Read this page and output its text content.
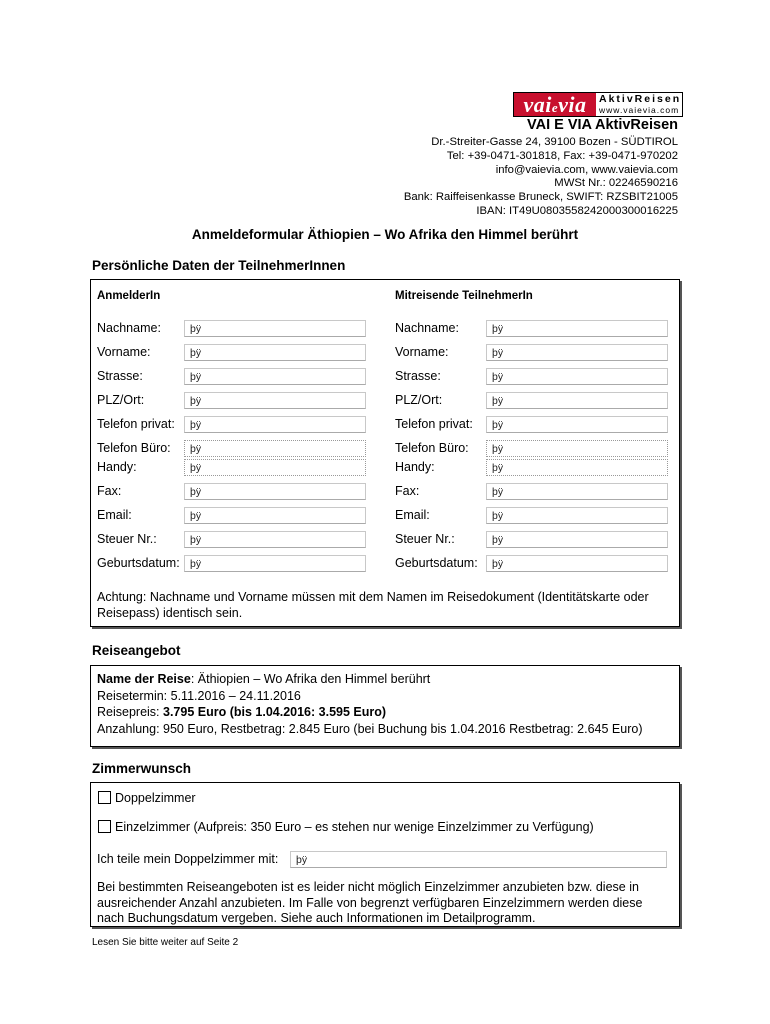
vaievia	AktivReisen
www.vaievia.com
VAI E VIA AktivReisen
Dr.-Streiter-Gasse 24, 39100 Bozen - SÜDTIROL
Tel: +39-0471-301818, Fax: +39-0471-970202
info@vaievia.com, www.vaievia.com
MWSt Nr.: 02246590216
Bank: Raiffeisenkasse Bruneck, SWIFT: RZSBIT21005
IBAN: IT49U0803558242000300016225
Anmeldeformular Äthiopien – Wo Afrika den Himmel berührt
Persönliche Daten der TeilnehmerInnen
AnmelderIn	Mitreisende TeilnehmerIn
Nachname:	þÿ	Nachname:	þÿ
Vorname:	þÿ	Vorname:	þÿ
Strasse:	þÿ	Strasse:	þÿ
PLZ/Ort:	þÿ	PLZ/Ort:	þÿ
Telefon privat:	þÿ	Telefon privat:	þÿ
Telefon Büro:	þÿ	Telefon Büro:	þÿ
Handy:	þÿ	Handy:	þÿ
Fax:	þÿ	Fax:	þÿ
Email:	þÿ	Email:	þÿ
Steuer Nr.:	þÿ	Steuer Nr.:	þÿ
Geburtsdatum: þÿ	Geburtsdatum:	þÿ
Achtung: Nachname und Vorname müssen mit dem Namen im Reisedokument (Identitätskarte oder Reisepass) identisch sein.
Reiseangebot
Name der Reise: Äthiopien – Wo Afrika den Himmel berührt
Reisetermin: 5.11.2016 – 24.11.2016
Reisepreis: 3.795 Euro (bis 1.04.2016: 3.595 Euro)
Anzahlung: 950 Euro, Restbetrag: 2.845 Euro (bei Buchung bis 1.04.2016 Restbetrag: 2.645 Euro)
Zimmerwunsch
Doppelzimmer
Einzelzimmer (Aufpreis: 350 Euro – es stehen nur wenige Einzelzimmer zu Verfügung)
Ich teile mein Doppelzimmer mit:	þÿ
Bei bestimmten Reiseangeboten ist es leider nicht möglich Einzelzimmer anzubieten bzw. diese in ausreichender Anzahl anzubieten. Im Falle von begrenzt verfügbaren Einzelzimmern werden diese nach Buchungsdatum vergeben. Siehe auch Informationen im Detailprogramm.
Lesen Sie bitte weiter auf Seite 2
